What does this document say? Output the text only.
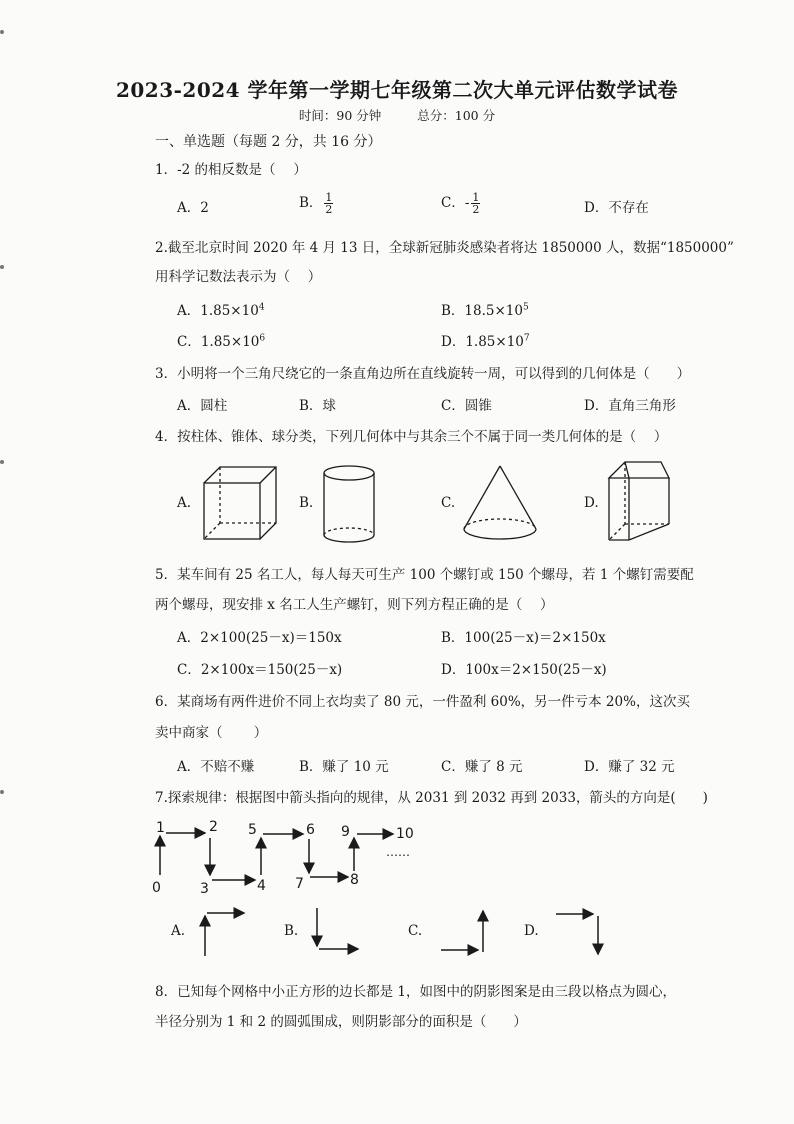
2023-2024 学年第一学期七年级第二次大单元评估数学试卷
时间：90 分钟	总分：100 分
一、单选题（每题 2 分，共 16 分）
1．-2 的相反数是（　 ）
A．2	B． $\frac{1}{2}$	C．- $\frac{1}{2}$	D．不存在
2.截至北京时间 2020 年 4 月 13 日，全球新冠肺炎感染者将达 1850000 人，数据“1850000”
用科学记数法表示为（　 ）
A．$1.85\times 10^4$	B．$18.5\times 10^5$
C．$1.85\times 10^6$	D．$1.85\times 10^7$
3．小明将一个三角尺绕它的一条直角边所在直线旋转一周，可以得到的几何体是（　　）
A．圆柱	B．球	C．圆锥	D．直角三角形
4．按柱体、锥体、球分类，下列几何体中与其余三个不属于同一类几何体的是（　 ）
A.	B.	C.	D.
5．某车间有 25 名工人，每人每天可生产 100 个螺钉或 150 个螺母，若 1 个螺钉需要配
两个螺母，现安排 x 名工人生产螺钉，则下列方程正确的是（　 ）
A．2×100(25－x)＝150x	B．100(25－x)＝2×150x
C．2×100x＝150(25－x)	D．100x＝2×150(25－x)
6．某商场有两件进价不同上衣均卖了 80 元，一件盈利 60%，另一件亏本 20%，这次买
卖中商家（　　 ）
A．不赔不赚	B．赚了 10 元	C．赚了 8 元	D．赚了 32 元
7.探索规律：根据图中箭头指向的规律，从 2031 到 2032 再到 2033，箭头的方向是(　　)
0
1	2
3	4
5	6
7	8
9	10
……
A.	B.	C.	D.
8．已知每个网格中小正方形的边长都是 1，如图中的阴影图案是由三段以格点为圆心，
半径分别为 1 和 2 的圆弧围成，则阴影部分的面积是（　　）
